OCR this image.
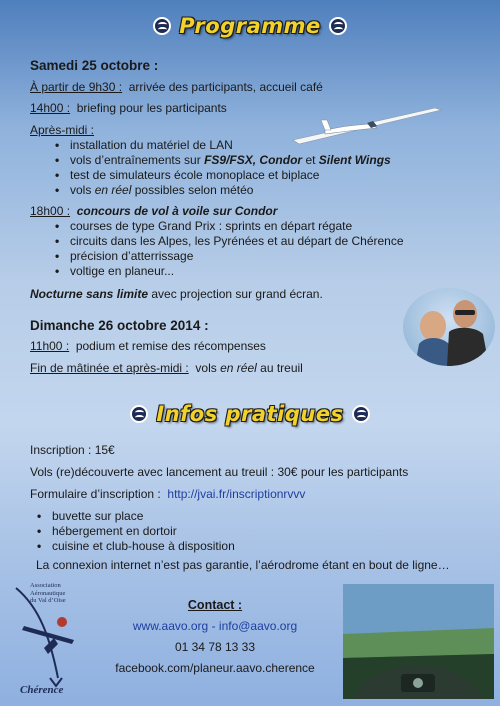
Programme
Samedi 25 octobre :
À partir de 9h30 : arrivée des participants, accueil café
14h00 : briefing pour les participants
Après-midi :
• installation du matériel de LAN
• vols d’entraînements sur FS9/FSX, Condor et Silent Wings
• test de simulateurs école monoplace et biplace
• vols en réel possibles selon météo
18h00 : concours de vol à voile sur Condor
• courses de type Grand Prix : sprints en départ régate
• circuits dans les Alpes, les Pyrénées et au départ de Chérence
• précision d’atterrissage
• voltige en planeur...
Nocturne sans limite avec projection sur grand écran.
Dimanche 26 octobre 2014 :
11h00 : podium et remise des récompenses
Fin de mâtinée et après-midi : vols en réel au treuil
Infos pratiques
Inscription : 15€
Vols (re)découverte avec lancement au treuil : 30€ pour les participants
Formulaire d’inscription : http://jvai.fr/inscriptionrvvv
• buvette sur place
• hébergement en dortoir
• cuisine et club-house à disposition
La connexion internet n’est pas garantie, l’aérodrome étant en bout de ligne…
Contact :
www.aavo.org - info@aavo.org
01 34 78 13 33
facebook.com/planeur.aavo.cherence
Association
Aéronautique
du Val d’Oise
Chérence
